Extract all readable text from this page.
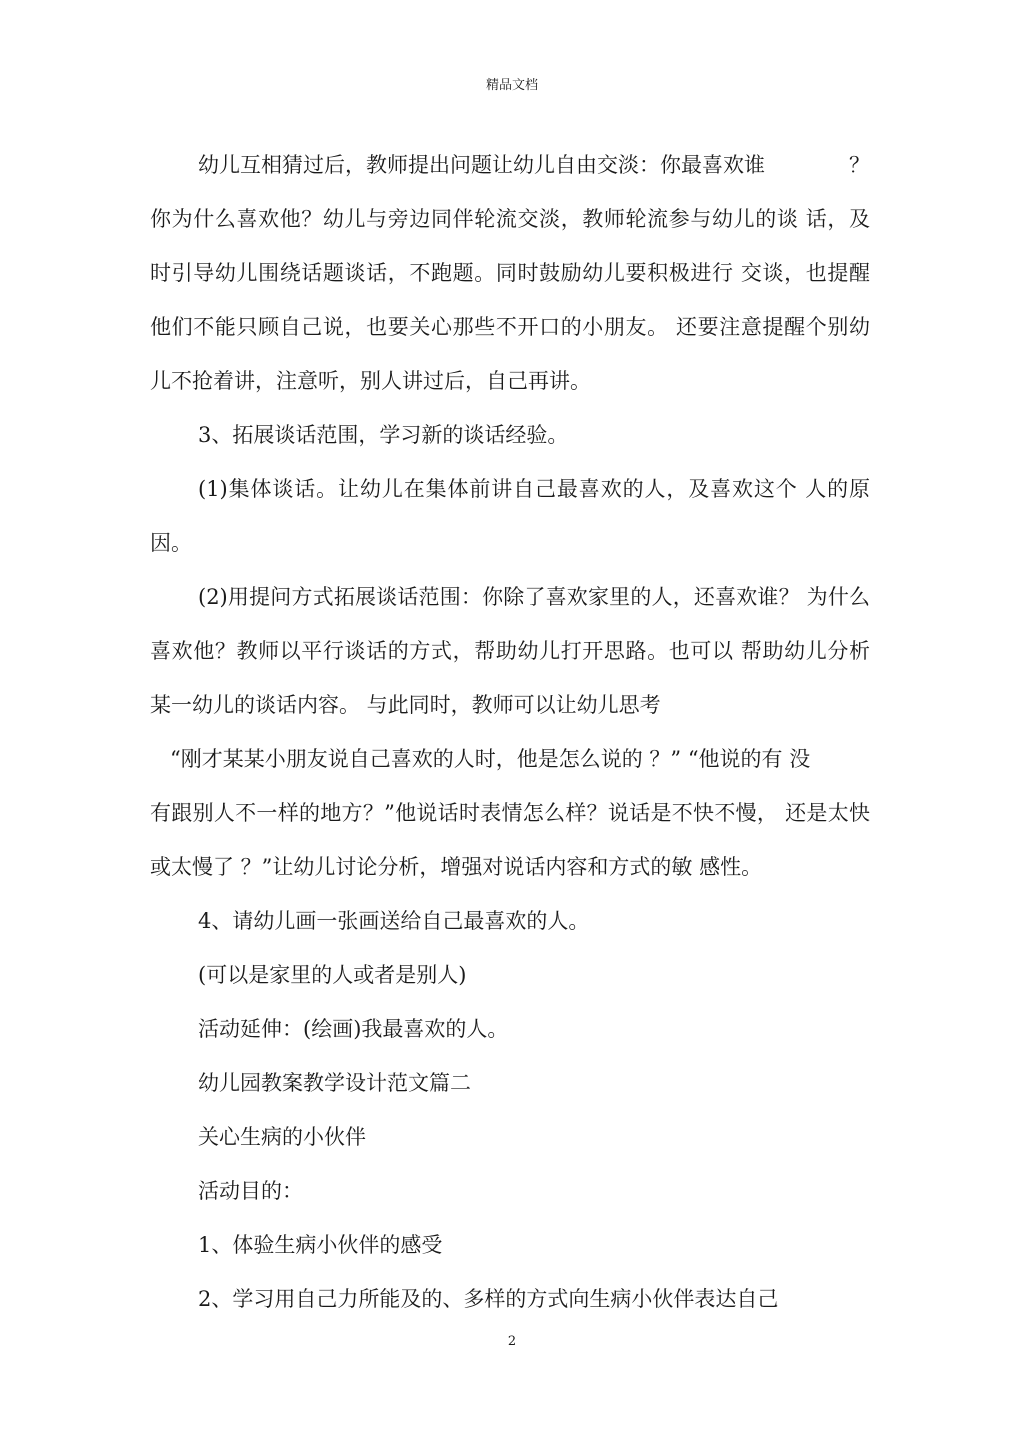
精品文档

幼儿互相猜过后，教师提出问题让幼儿自由交淡：你最喜欢谁	？

你为什么喜欢他？幼儿与旁边同伴轮流交淡，教师轮流参与幼儿的谈 话，及时引导幼儿围绕话题谈话，不跑题。同时鼓励幼儿要积极进行 交谈，也提醒他们不能只顾自己说，也要关心那些不开口的小朋友。 还要注意提醒个别幼儿不抢着讲，注意听，别人讲过后，自己再讲。

3、拓展谈话范围，学习新的谈话经验。

(1)集体谈话。让幼儿在集体前讲自己最喜欢的人，及喜欢这个 人的原因。

(2)用提问方式拓展谈话范围：你除了喜欢家里的人，还喜欢谁？ 为什么喜欢他？教师以平行谈话的方式，帮助幼儿打开思路。也可以 帮助幼儿分析某一幼儿的谈话内容。 与此同时，教师可以让幼儿思考

“刚才某某小朋友说自己喜欢的人时，他是怎么说的 ？” “他说的有 没

有跟别人不一样的地方？”他说话时表情怎么样？说话是不快不慢， 还是太快或太慢了 ？”让幼儿讨论分析，增强对说话内容和方式的敏 感性。

4、请幼儿画一张画送给自己最喜欢的人。

(可以是家里的人或者是别人)

活动延伸：(绘画)我最喜欢的人。

幼儿园教案教学设计范文篇二

关心生病的小伙伴

活动目的：

1、体验生病小伙伴的感受

2、学习用自己力所能及的、多样的方式向生病小伙伴表达自己

2
